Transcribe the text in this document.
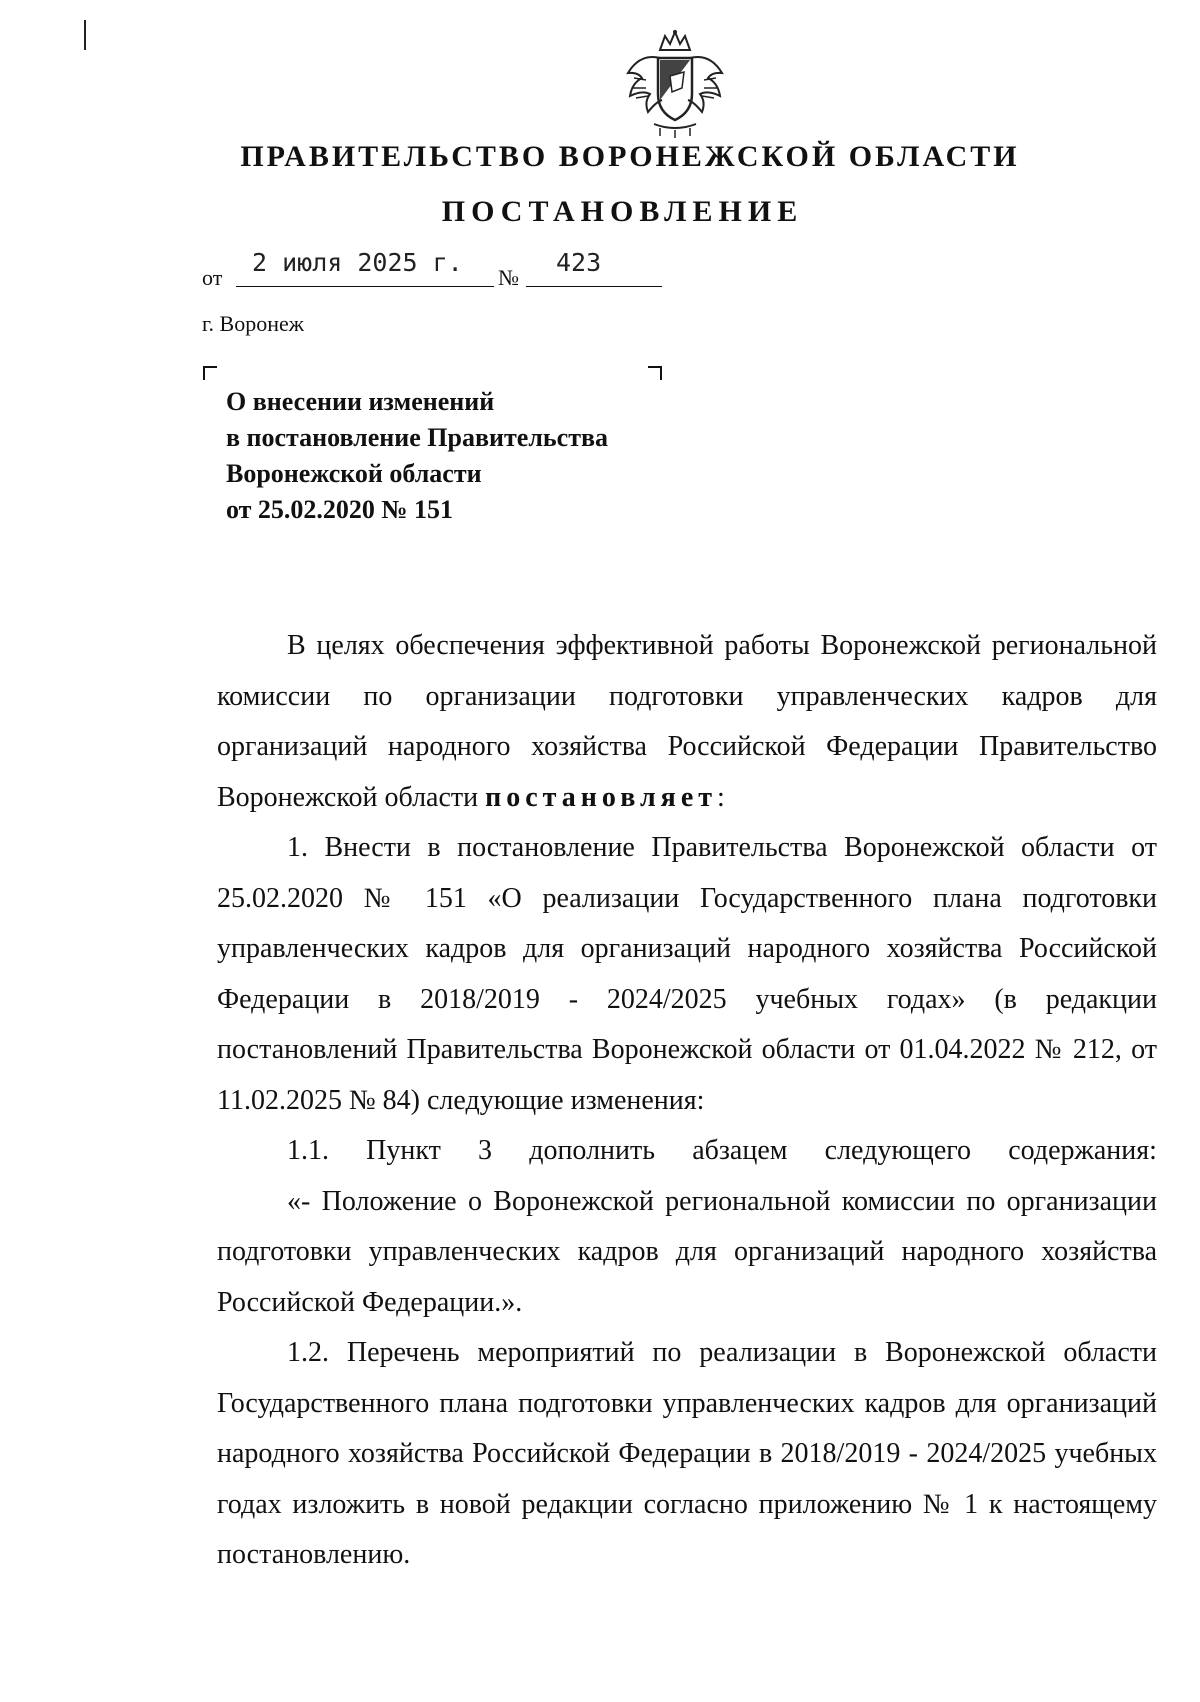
ПРАВИТЕЛЬСТВО ВОРОНЕЖСКОЙ ОБЛАСТИ
ПОСТАНОВЛЕНИЕ
от
2 июля 2025 г.
№
423
г. Воронеж
О внесении изменений
в постановление Правительства
Воронежской области
от 25.02.2020 № 151

В целях обеспечения эффективной работы Воронежской региональной комиссии по организации подготовки управленческих кадров для организаций народного хозяйства Российской Федерации Правительство Воронежской области постановляет:

1. Внести в постановление Правительства Воронежской области от 25.02.2020 № 151 «О реализации Государственного плана подготовки управленческих кадров для организаций народного хозяйства Российской Федерации в 2018/2019 - 2024/2025 учебных годах» (в редакции постановлений Правительства Воронежской области от 01.04.2022 № 212, от 11.02.2025 № 84) следующие изменения:

1.1. Пункт 3 дополнить абзацем следующего содержания:

«- Положение о Воронежской региональной комиссии по организации подготовки управленческих кадров для организаций народного хозяйства Российской Федерации.».

1.2. Перечень мероприятий по реализации в Воронежской области Государственного плана подготовки управленческих кадров для организаций народного хозяйства Российской Федерации в 2018/2019 - 2024/2025 учебных годах изложить в новой редакции согласно приложению № 1 к настоящему постановлению.
